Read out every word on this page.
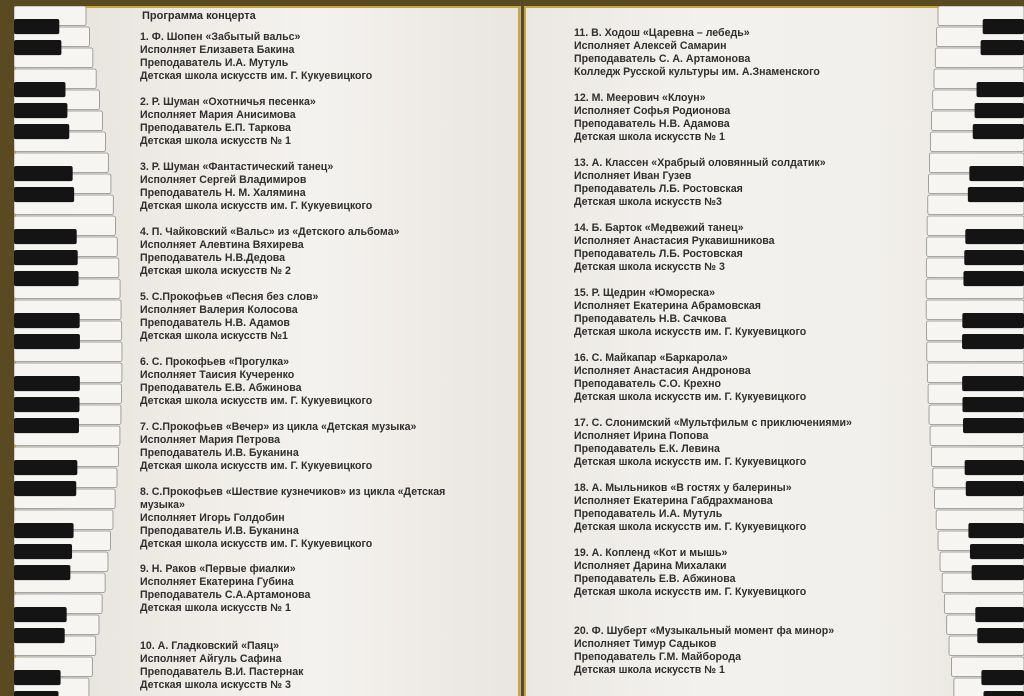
Программа концерта
1. Ф. Шопен «Забытый вальс»
Исполняет Елизавета Бакина
Преподаватель И.А. Мутуль
Детская школа искусств им. Г. Кукуевицкого
2. Р. Шуман «Охотничья песенка»
Исполняет Мария Анисимова
Преподаватель Е.П. Таркова
Детская школа искусств № 1
3. Р. Шуман «Фантастический танец»
Исполняет Сергей Владимиров
Преподаватель Н. М. Халямина
Детская школа искусств им. Г. Кукуевицкого
4. П. Чайковский «Вальс» из «Детского альбома»
Исполняет Алевтина Вяхирева
Преподаватель Н.В.Дедова
Детская школа искусств № 2
5. С.Прокофьев «Песня без слов»
Исполняет Валерия Колосова
Преподаватель Н.В. Адамов
Детская школа искусств №1
6. С. Прокофьев «Прогулка»
Исполняет Таисия Кучеренко
Преподаватель Е.В. Абжинова
Детская школа искусств им. Г. Кукуевицкого
7. С.Прокофьев «Вечер» из цикла «Детская музыка»
Исполняет Мария Петрова
Преподаватель И.В. Буканина
Детская школа искусств им. Г. Кукуевицкого
8. С.Прокофьев «Шествие кузнечиков» из цикла «Детская музыка»
Исполняет Игорь Голдобин
Преподаватель И.В. Буканина
Детская школа искусств им. Г. Кукуевицкого
9. Н. Раков «Первые фиалки»
Исполняет Екатерина Губина
Преподаватель С.А.Артамонова
Детская школа искусств № 1
10. А. Гладковский «Паяц»
Исполняет Айгуль Сафина
Преподаватель В.И. Пастернак
Детская школа искусств № 3
11. В. Ходош «Царевна – лебедь»
Исполняет Алексей Самарин
Преподаватель С. А. Артамонова
Колледж Русской культуры им. А.Знаменского
12. М. Меерович «Клоун»
Исполняет Софья Родионова
Преподаватель Н.В. Адамова
Детская школа искусств № 1
13. А. Классен «Храбрый оловянный солдатик»
Исполняет Иван Гузев
Преподаватель Л.Б. Ростовская
Детская школа искусств №3
14. Б. Барток «Медвежий танец»
Исполняет Анастасия Рукавишникова
Преподаватель Л.Б. Ростовская
Детская школа искусств № 3
15. Р. Щедрин «Юмореска»
Исполняет Екатерина Абрамовская
Преподаватель Н.В. Сачкова
Детская школа искусств им. Г. Кукуевицкого
16. С. Майкапар «Баркарола»
Исполняет Анастасия Андронова
Преподаватель С.О. Крехно
Детская школа искусств им. Г. Кукуевицкого
17. С. Слонимский «Мультфильм с приключениями»
Исполняет Ирина Попова
Преподаватель Е.К. Левина
Детская школа искусств им. Г. Кукуевицкого
18. А. Мыльников «В гостях у балерины»
Исполняет Екатерина Габдрахманова
Преподаватель И.А. Мутуль
Детская школа искусств им. Г. Кукуевицкого
19. А. Копленд «Кот и мышь»
Исполняет Дарина Михалаки
Преподаватель Е.В. Абжинова
Детская школа искусств им. Г. Кукуевицкого
20. Ф. Шуберт «Музыкальный момент фа минор»
Исполняет Тимур Садыков
Преподаватель Г.М. Майборода
Детская школа искусств № 1
